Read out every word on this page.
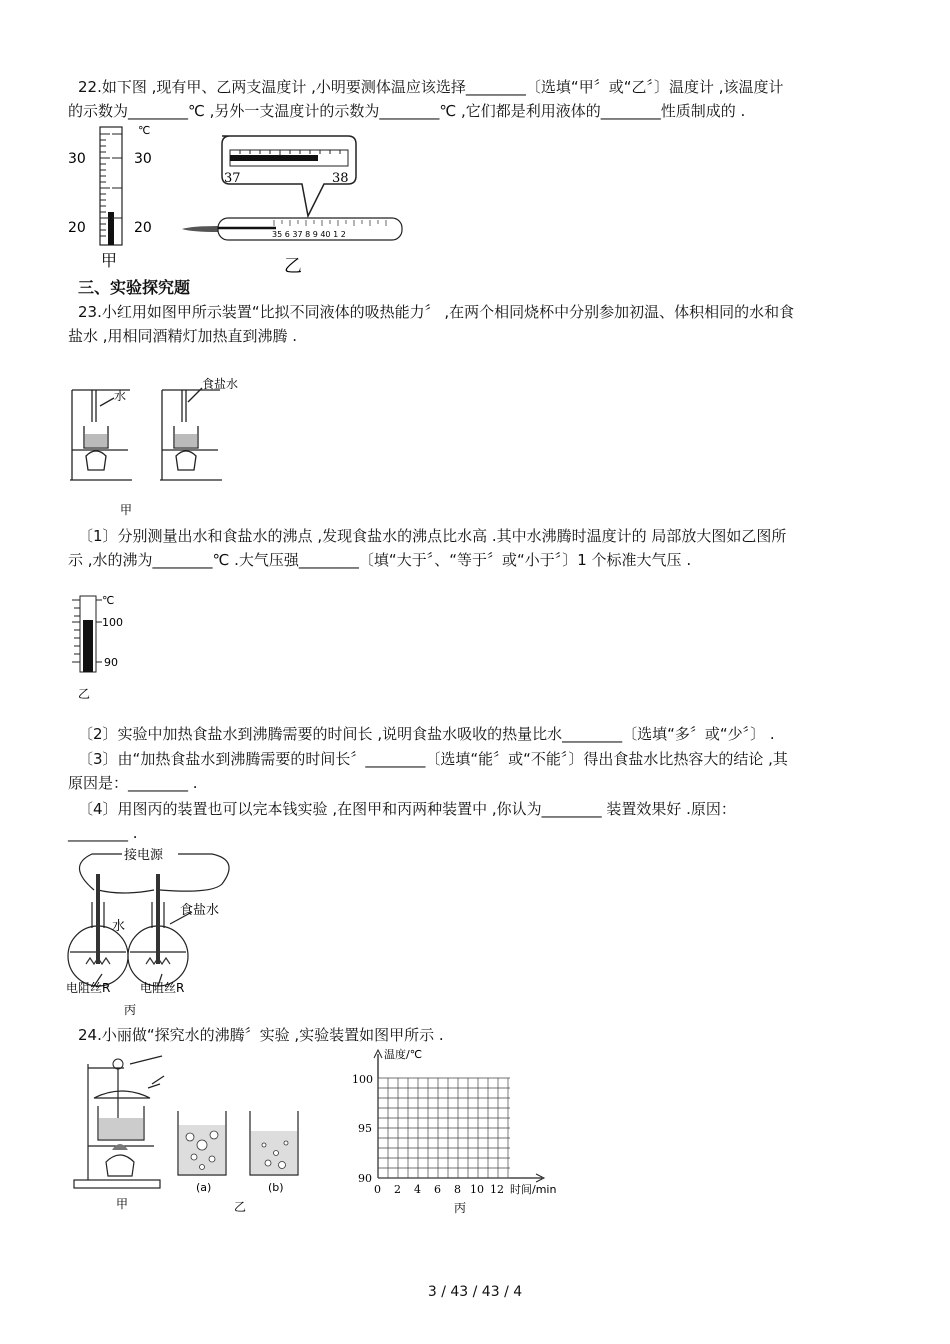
22.如下图 ,现有甲、乙两支温度计 ,小明要测体温应该选择________〔选填“甲〞或“乙〞〕温度计 ,该温度计
的示数为________℃ ,另外一支温度计的示数为________℃ ,它们都是利用液体的________性质制成的 .
℃
30	30
20	20
甲
37	38
35 6 37 8 9 40 1 2
乙
三、实验探究题
23.小红用如图甲所示装置“比拟不同液体的吸热能力〞 ,在两个相同烧杯中分别参加初温、体积相同的水和食
盐水 ,用相同酒精灯加热直到沸腾 .
水
食盐水
甲
〔1〕分别测量出水和食盐水的沸点 ,发现食盐水的沸点比水高 .其中水沸腾时温度计的 局部放大图如乙图所
示 ,水的沸为________℃ .大气压强________〔填“大于〞、“等于〞或“小于〞〕1 个标准大气压 .
℃
100
90
乙
〔2〕实验中加热食盐水到沸腾需要的时间长 ,说明食盐水吸收的热量比水________〔选填“多〞或“少〞〕 .
〔3〕由“加热食盐水到沸腾需要的时间长〞________〔选填“能〞或“不能〞〕得出食盐水比热容大的结论 ,其
原因是：________ .
〔4〕用图丙的装置也可以完本钱实验 ,在图甲和丙两种装置中 ,你认为________ 装置效果好 .原因：
________ .
接电源
水
食盐水
电阻丝R 电阻丝R
丙
24.小丽做“探究水的沸腾〞实验 ,实验装置如图甲所示 .
甲
(a)	(b)
乙
温度/℃
100
95
90
0 2 4 6 8 10 12 时间/min
丙
3 / 43 / 43 / 4
